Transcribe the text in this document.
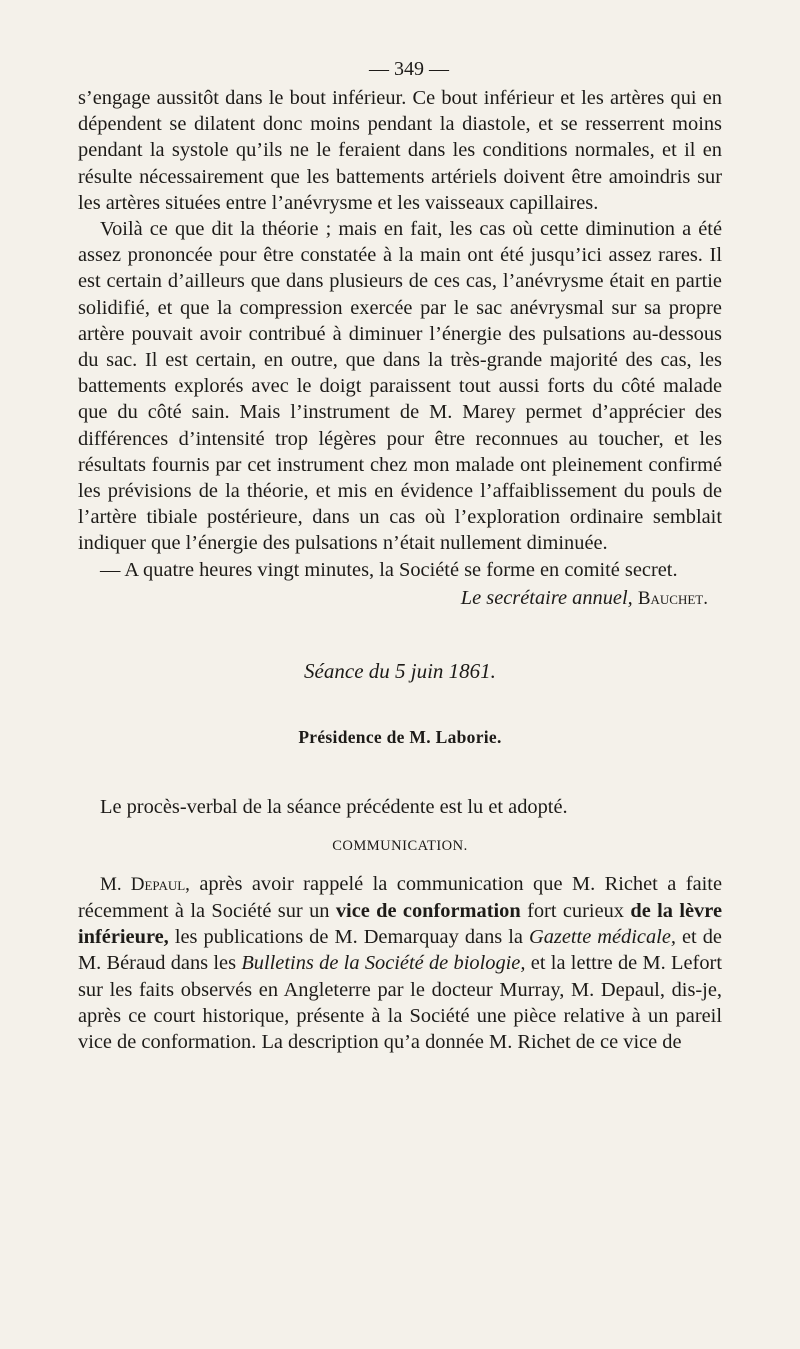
— 349 —

s’engage aussitôt dans le bout inférieur. Ce bout inférieur et les artères qui en dépendent se dilatent donc moins pendant la diastole, et se resserrent moins pendant la systole qu’ils ne le feraient dans les conditions normales, et il en résulte nécessairement que les battements artériels doivent être amoindris sur les artères situées entre l’anévrysme et les vaisseaux capillaires.

Voilà ce que dit la théorie ; mais en fait, les cas où cette diminution a été assez prononcée pour être constatée à la main ont été jusqu’ici assez rares. Il est certain d’ailleurs que dans plusieurs de ces cas, l’anévrysme était en partie solidifié, et que la compression exercée par le sac anévrysmal sur sa propre artère pouvait avoir contribué à diminuer l’énergie des pulsations au-dessous du sac. Il est certain, en outre, que dans la très-grande majorité des cas, les battements explorés avec le doigt paraissent tout aussi forts du côté malade que du côté sain. Mais l’instrument de M. Marey permet d’apprécier des différences d’intensité trop légères pour être reconnues au toucher, et les résultats fournis par cet instrument chez mon malade ont pleinement confirmé les prévisions de la théorie, et mis en évidence l’affaiblissement du pouls de l’artère tibiale postérieure, dans un cas où l’exploration ordinaire semblait indiquer que l’énergie des pulsations n’était nullement diminuée.

— A quatre heures vingt minutes, la Société se forme en comité secret.

Le secrétaire annuel, Bauchet.

Séance du 5 juin 1861.

Présidence de M. Laborie.

Le procès-verbal de la séance précédente est lu et adopté.

COMMUNICATION.

M. Depaul, après avoir rappelé la communication que M. Richet a faite récemment à la Société sur un vice de conformation fort curieux de la lèvre inférieure, les publications de M. Demarquay dans la Gazette médicale, et de M. Béraud dans les Bulletins de la Société de biologie, et la lettre de M. Lefort sur les faits observés en Angleterre par le docteur Murray, M. Depaul, dis-je, après ce court historique, présente à la Société une pièce relative à un pareil vice de conformation. La description qu’a donnée M. Richet de ce vice de
